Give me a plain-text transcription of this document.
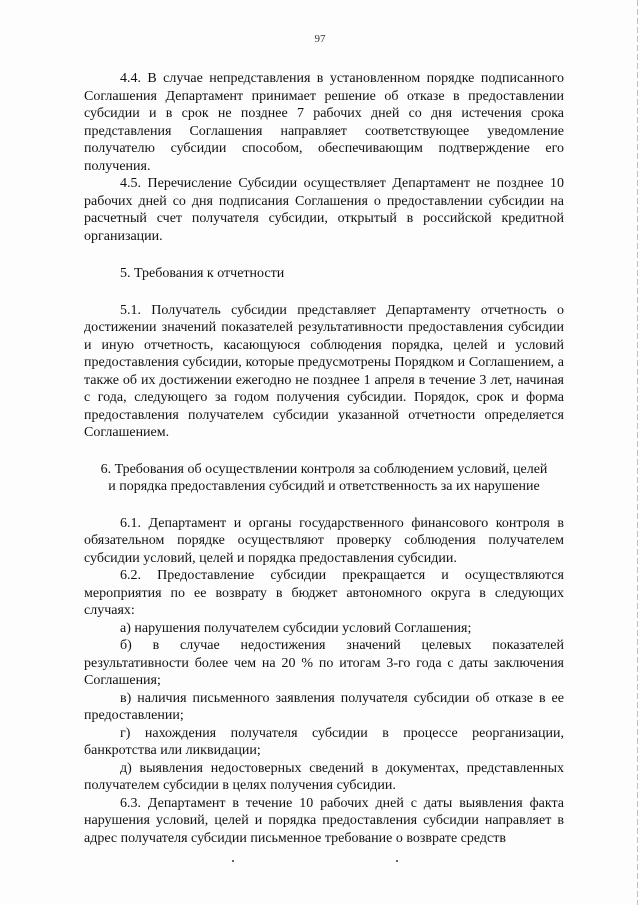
97

4.4. В случае непредставления в установленном порядке подписанного Соглашения Департамент принимает решение об отказе в предоставлении субсидии и в срок не позднее 7 рабочих дней со дня истечения срока представления Соглашения направляет соответствующее уведомление получателю субсидии способом, обеспечивающим подтверждение его получения.

4.5. Перечисление Субсидии осуществляет Департамент не позднее 10 рабочих дней со дня подписания Соглашения о предоставлении субсидии на расчетный счет получателя субсидии, открытый в российской кредитной организации.

5. Требования к отчетности

5.1. Получатель субсидии представляет Департаменту отчетность о достижении значений показателей результативности предоставления субсидии и иную отчетность, касающуюся соблюдения порядка, целей и условий предоставления субсидии, которые предусмотрены Порядком и Соглашением, а также об их достижении ежегодно не позднее 1 апреля в течение 3 лет, начиная с года, следующего за годом получения субсидии. Порядок, срок и форма предоставления получателем субсидии указанной отчетности определяется Соглашением.

6. Требования об осуществлении контроля за соблюдением условий, целей
и порядка предоставления субсидий и ответственность за их нарушение

6.1. Департамент и органы государственного финансового контроля в обязательном порядке осуществляют проверку соблюдения получателем субсидии условий, целей и порядка предоставления субсидии.

6.2. Предоставление субсидии прекращается и осуществляются мероприятия по ее возврату в бюджет автономного округа в следующих случаях:

а) нарушения получателем субсидии условий Соглашения;

б) в случае недостижения значений целевых показателей результативности более чем на 20 % по итогам 3-го года с даты заключения Соглашения;

в) наличия письменного заявления получателя субсидии об отказе в ее предоставлении;

г) нахождения получателя субсидии в процессе реорганизации, банкротства или ликвидации;

д) выявления недостоверных сведений в документах, представленных получателем субсидии в целях получения субсидии.

6.3. Департамент в течение 10 рабочих дней с даты выявления факта нарушения условий, целей и порядка предоставления субсидии направляет в адрес получателя субсидии письменное требование о возврате средств
